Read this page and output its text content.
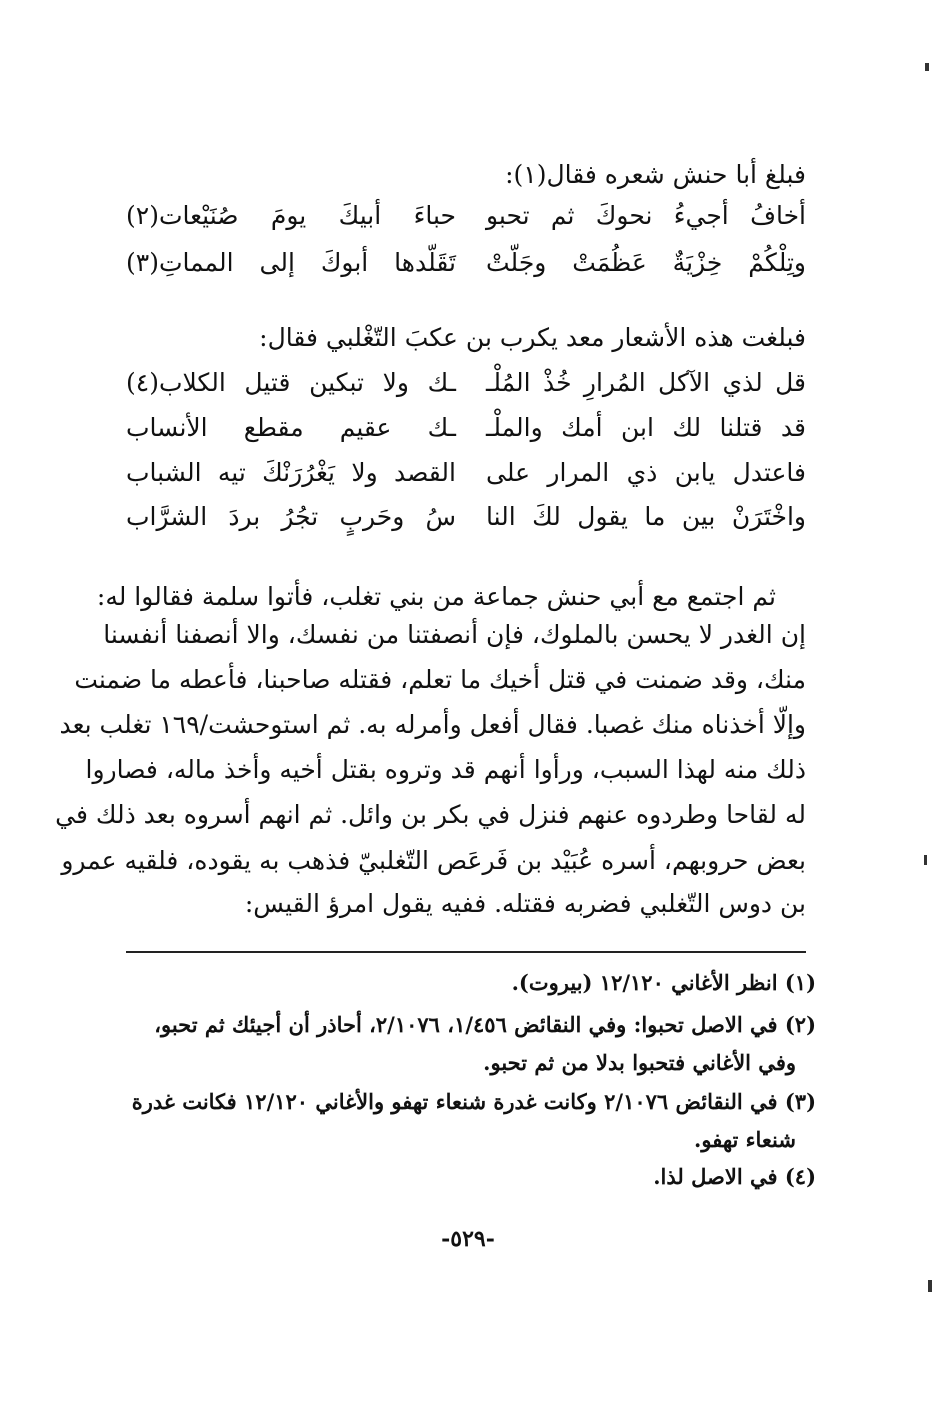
فبلغ أبا حنش شعره فقال(١):
أخافُ أجيءُ نحوكَ ثم تحبو
حباءَ أبيكَ يومَ صُنَيْعات(٢)
وتِلْكُمْ خِزْيَةٌ عَظُمَتْ وجَلّتْ
تَقَلّدها أبوكَ إلى المماتِ(٣)
فبلغت هذه الأشعار معد يكرب بن عكبَ التّغْلبي فقال:
قل لذي الآكل المُرارِ خُذْ المُلْـ
ـك ولا تبكين قتيل الكلاب(٤)
قد قتلنا لك ابن أمك والملْـ
ـك عقيم مقطع الأنساب
فاعتدل يابن ذي المرار على
القصد ولا يَغْرُرَنْكَ تيه الشباب
واخْتَرَنْ بين ما يقول لكَ النا
سُ وحَربٍ تجُرُ بردَ الشرَّاب
ثم اجتمع مع أبي حنش جماعة من بني تغلب، فأتوا سلمة فقالوا له:
إن الغدر لا يحسن بالملوك، فإن أنصفتنا من نفسك، والا أنصفنا أنفسنا
منك، وقد ضمنت في قتل أخيك ما تعلم، فقتله صاحبنا، فأعطه ما ضمنت
وإلّا أخذناه منك غصبا. فقال أفعل وأمرله به. ثم استوحشت/١٦٩ تغلب بعد
ذلك منه لهذا السبب، ورأوا أنهم قد وتروه بقتل أخيه وأخذ ماله، فصاروا
له لقاحا وطردوه عنهم فنزل في بكر بن وائل. ثم انهم أسروه بعد ذلك في
بعض حروبهم، أسره عُبَيْد بن فَرعَص التّغلبيّ فذهب به يقوده، فلقيه عمرو
بن دوس التّغلبي فضربه فقتله. ففيه يقول امرؤ القيس:
(١) انظر الأغاني ١٢/١٢٠ (بيروت).
(٢) في الاصل تحبوا: وفي النقائض ١/٤٥٦، ٢/١٠٧٦، أحاذر أن أجيئك ثم تحبو،
وفي الأغاني فتحبوا بدلا من ثم تحبو.
(٣) في النقائض ٢/١٠٧٦ وكانت غدرة شنعاء تهفو والأغاني ١٢/١٢٠ فكانت غدرة
شنعاء تهفو.
(٤) في الاصل لذا.
-٥٢٩-
